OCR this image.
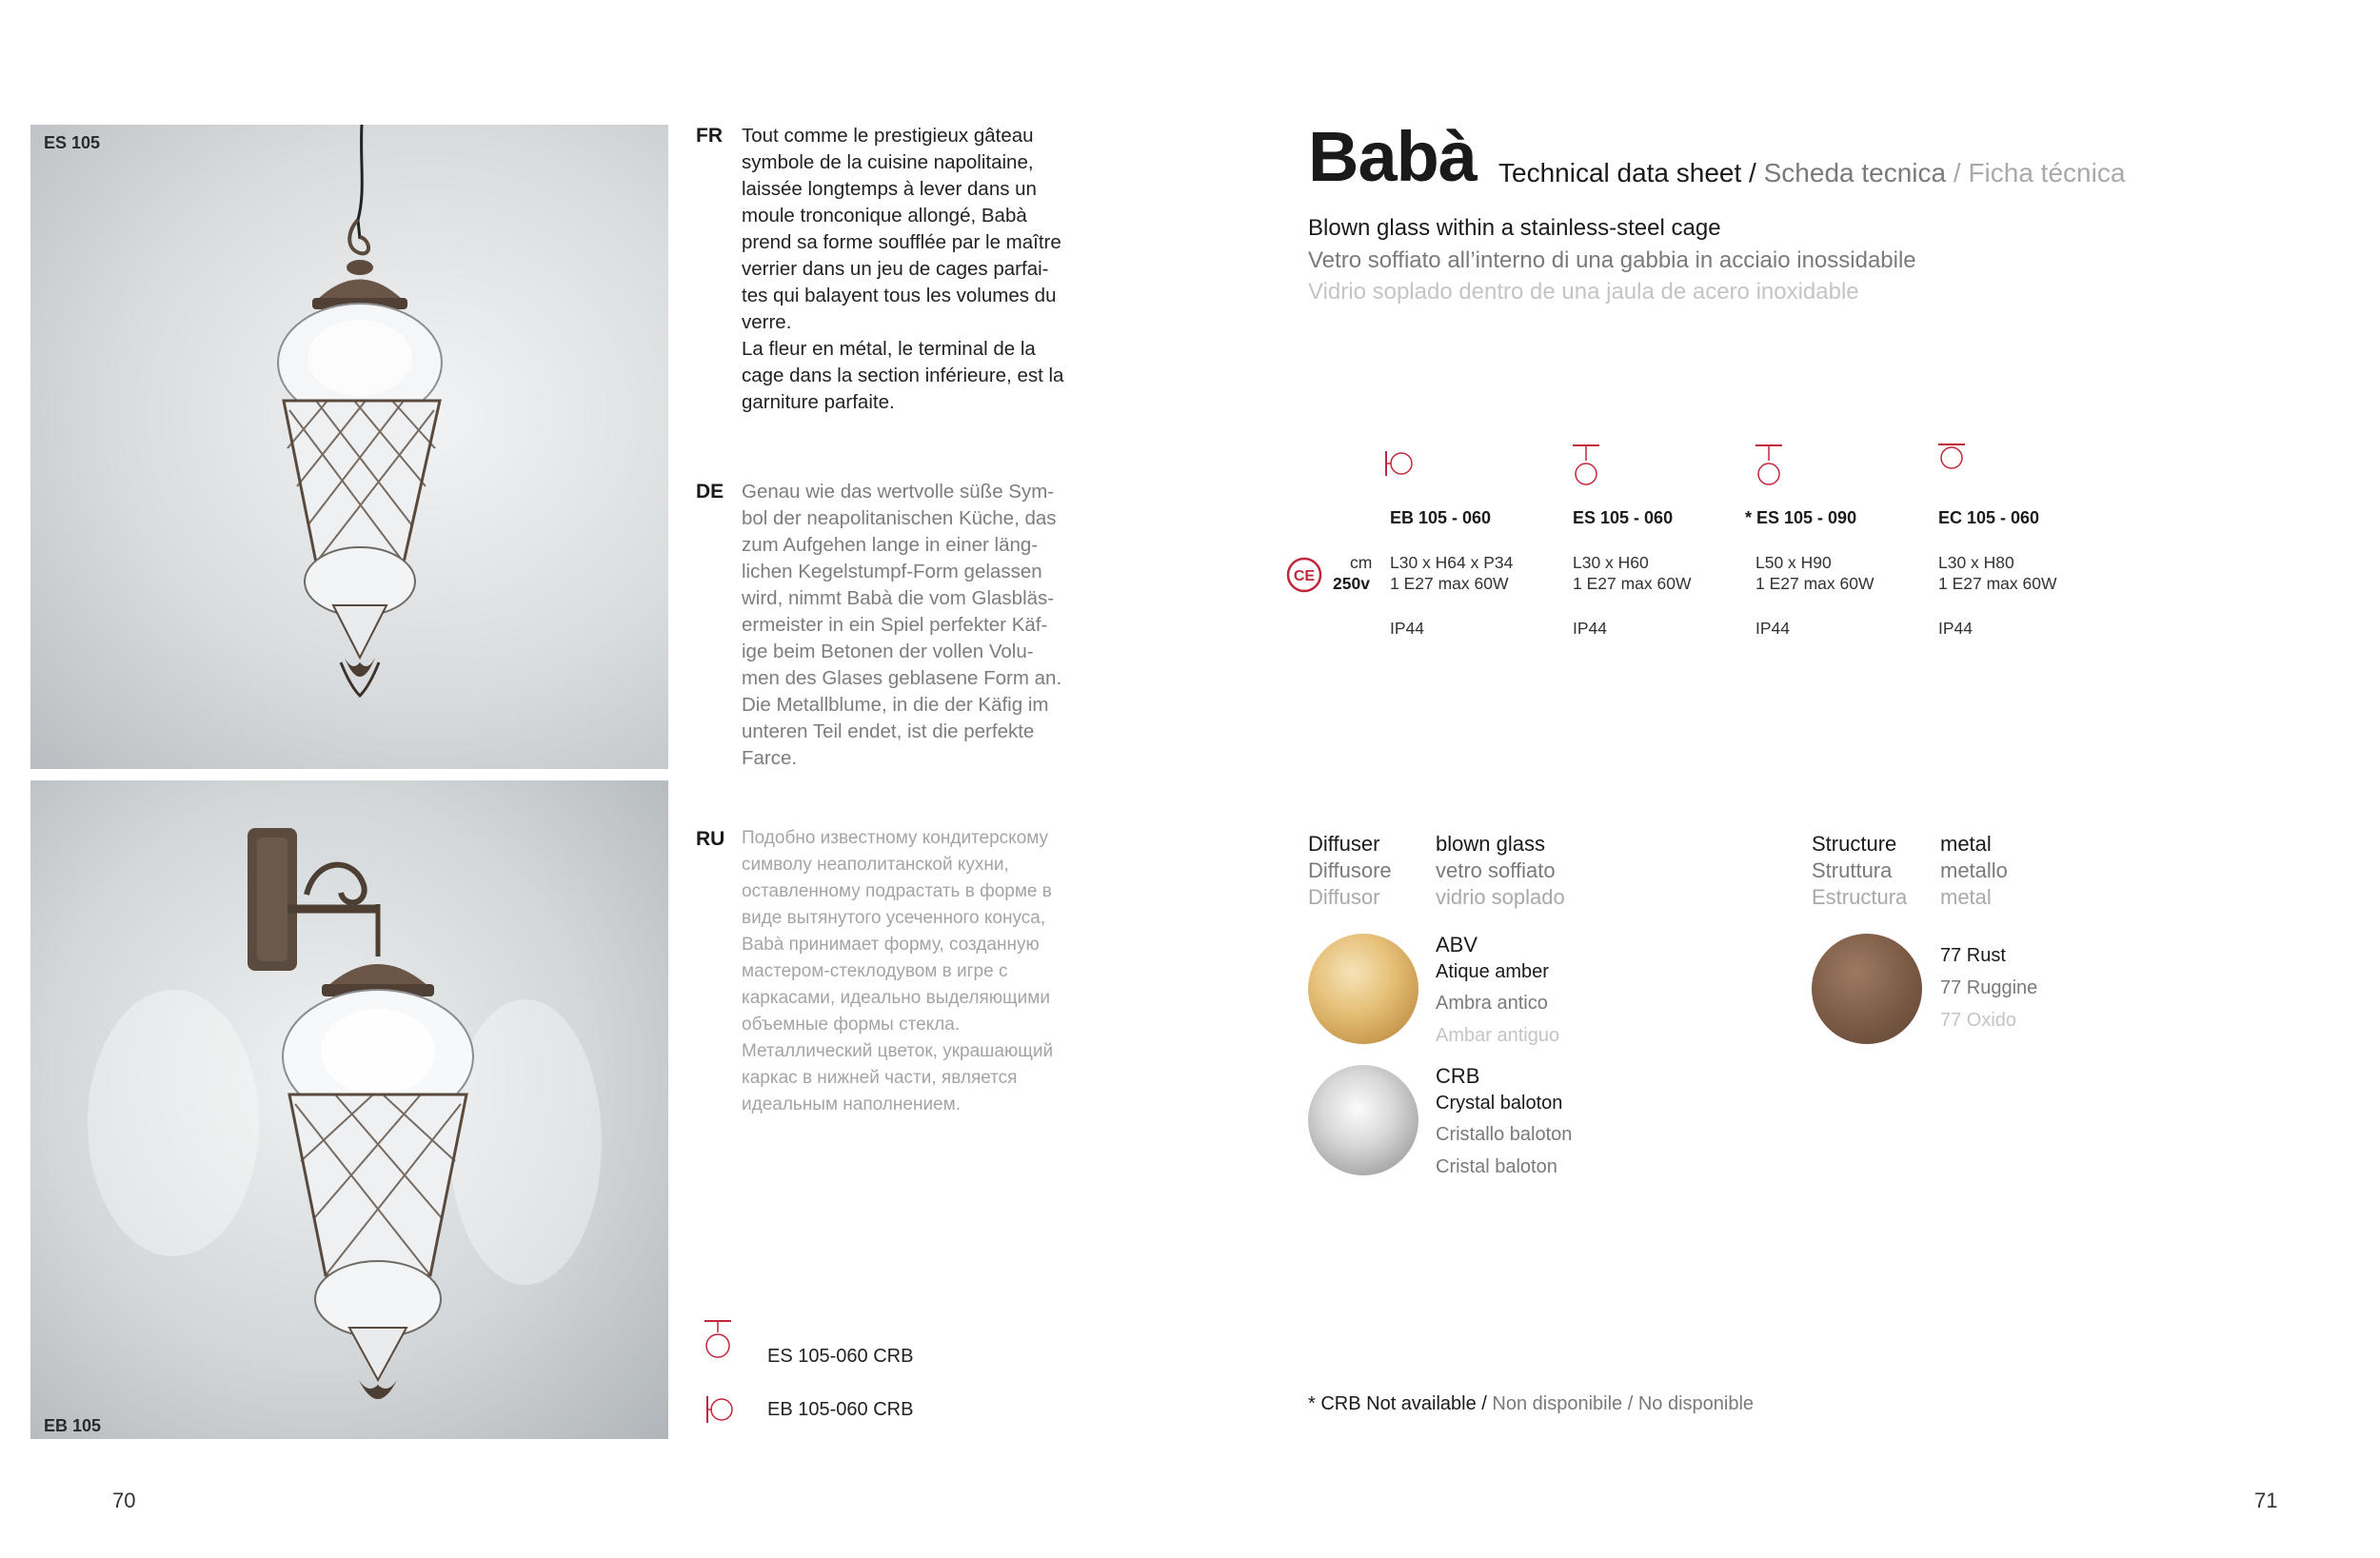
ES 105
EB 105
FR Tout comme le prestigieux gâteau
symbole de la cuisine napolitaine,
laissée longtemps à lever dans un
moule tronconique allongé, Babà
prend sa forme soufflée par le maître
verrier dans un jeu de cages parfai-
tes qui balayent tous les volumes du
verre.
La fleur en métal, le terminal de la
cage dans la section inférieure, est la
garniture parfaite.
DE Genau wie das wertvolle süße Sym-
bol der neapolitanischen Küche, das
zum Aufgehen lange in einer läng-
lichen Kegelstumpf-Form gelassen
wird, nimmt Babà die vom Glasbläs-
ermeister in ein Spiel perfekter Käf-
ige beim Betonen der vollen Volu-
men des Glases geblasene Form an.
Die Metallblume, in die der Käfig im
unteren Teil endet, ist die perfekte
Farce.
RU Подобно известному кондитерскому
символу неаполитанской кухни,
оставленному подрастать в форме в
виде вытянутого усеченного конуса,
Babà принимает форму, созданную
мастером-стеклодувом в игре с
каркасами, идеально выделяющими
объемные формы стекла.
Металлический цветок, украшающий
каркас в нижней части, является
идеальным наполнением.
ES 105-060 CRB
EB 105-060 CRB
70
Babà Technical data sheet / Scheda tecnica / Ficha técnica
Blown glass within a stainless-steel cage
Vetro soffiato all’interno di una gabbia in acciaio inossidabile
Vidrio soplado dentro de una jaula de acero inoxidable
CE
cm
250v
EB 105 - 060
L30 x H64 x P34
1 E27 max 60W
IP44
ES 105 - 060
L30 x H60
1 E27 max 60W
IP44
* ES 105 - 090
L50 x H90
1 E27 max 60W
IP44
EC 105 - 060
L30 x H80
1 E27 max 60W
IP44
Diffuser
Diffusore
Diffusor
blown glass
vetro soffiato
vidrio soplado
ABV
Atique amber
Ambra antico
Ambar antiguo
CRB
Crystal baloton
Cristallo baloton
Cristal baloton
Structure
Struttura
Estructura
metal
metallo
metal
77 Rust
77 Ruggine
77 Oxido
* CRB Not available / Non disponibile / No disponible
71
